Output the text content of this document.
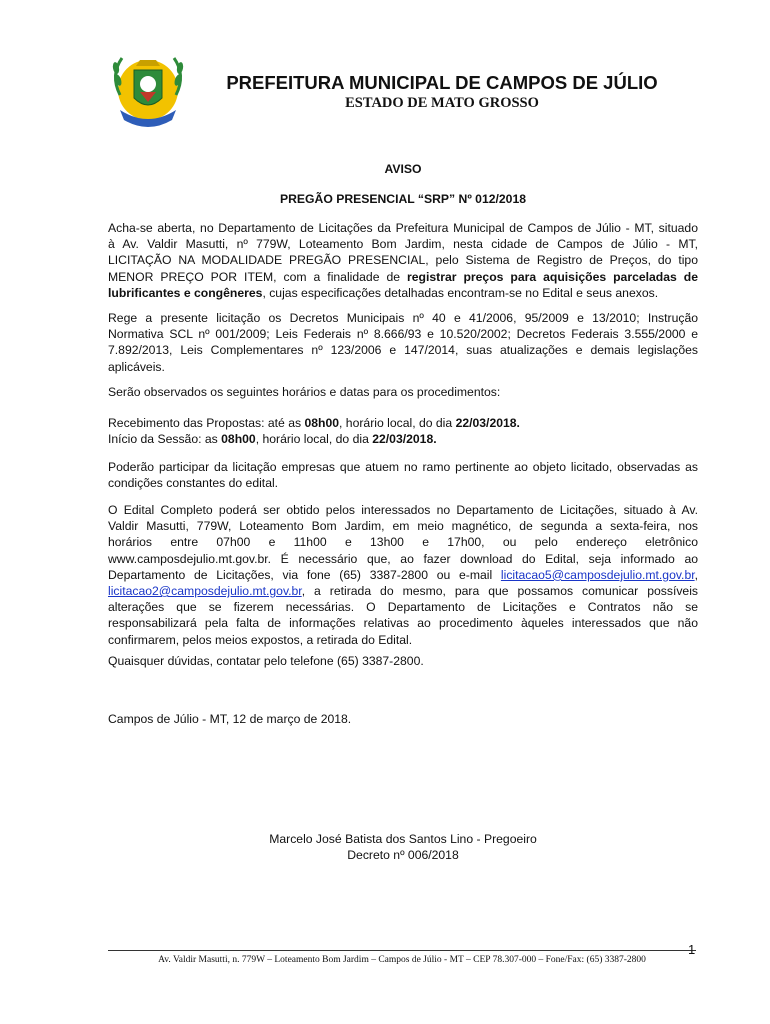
PREFEITURA MUNICIPAL DE CAMPOS DE JÚLIO
ESTADO DE MATO GROSSO
AVISO
PREGÃO PRESENCIAL “SRP” Nº 012/2018
Acha-se aberta, no Departamento de Licitações da Prefeitura Municipal de Campos de Júlio - MT, situado
à Av. Valdir Masutti, nº 779W, Loteamento Bom Jardim, nesta cidade de Campos de Júlio - MT,
LICITAÇÃO NA MODALIDADE PREGÃO PRESENCIAL, pelo Sistema de Registro de Preços, do tipo
MENOR PREÇO POR ITEM, com a finalidade de registrar preços para aquisições parceladas de
lubrificantes e congêneres, cujas especificações detalhadas encontram-se no Edital e seus anexos.
Rege a presente licitação os Decretos Municipais nº 40 e 41/2006, 95/2009 e 13/2010; Instrução
Normativa SCL nº 001/2009; Leis Federais nº 8.666/93 e 10.520/2002; Decretos Federais 3.555/2000 e
7.892/2013, Leis Complementares nº 123/2006 e 147/2014, suas atualizações e demais legislações
aplicáveis.
Serão observados os seguintes horários e datas para os procedimentos:
Recebimento das Propostas: até as 08h00, horário local, do dia 22/03/2018.
Início da Sessão: as 08h00, horário local, do dia 22/03/2018.
Poderão participar da licitação empresas que atuem no ramo pertinente ao objeto licitado, observadas as
condições constantes do edital.
O Edital Completo poderá ser obtido pelos interessados no Departamento de Licitações, situado à Av.
Valdir Masutti, 779W, Loteamento Bom Jardim, em meio magnético, de segunda a sexta-feira, nos
horários entre 07h00 e 11h00 e 13h00 e 17h00, ou pelo endereço eletrônico
www.camposdejulio.mt.gov.br. É necessário que, ao fazer download do Edital, seja informado ao
Departamento de Licitações, via fone (65) 3387-2800 ou e-mail licitacao5@camposdejulio.mt.gov.br,
licitacao2@camposdejulio.mt.gov.br, a retirada do mesmo, para que possamos comunicar possíveis
alterações que se fizerem necessárias. O Departamento de Licitações e Contratos não se
responsabilizará pela falta de informações relativas ao procedimento àqueles interessados que não
confirmarem, pelos meios expostos, a retirada do Edital.
Quaisquer dúvidas, contatar pelo telefone (65) 3387-2800.
Campos de Júlio - MT, 12 de março de 2018.
Marcelo José Batista dos Santos Lino - Pregoeiro
Decreto nº 006/2018
1
Av. Valdir Masutti, n. 779W – Loteamento Bom Jardim – Campos de Júlio - MT – CEP 78.307-000 – Fone/Fax: (65) 3387-2800
